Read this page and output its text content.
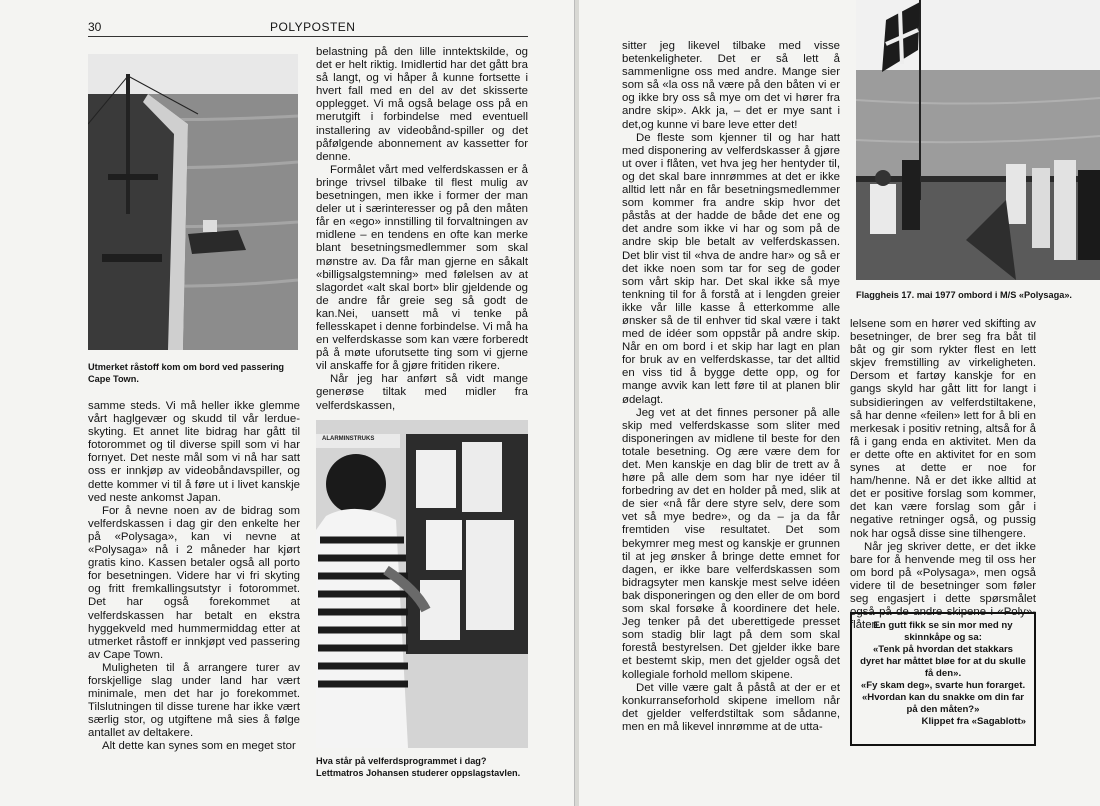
30	POLYPOSTEN
Utmerket råstoff kom om bord ved passering Cape Town.

samme steds. Vi må heller ikke glemme vårt haglgevær og skudd til vår lerdue-skyting. Et annet lite bidrag har gått til fotorommet og til diverse spill som vi har fornyet. Det neste mål som vi nå har satt oss er innkjøp av videobåndavspiller, og dette kommer vi til å føre ut i livet kanskje ved neste ankomst Japan.

For å nevne noen av de bidrag som velferdskassen i dag gir den enkelte her på «Polysaga», kan vi nevne at «Polysaga» nå i 2 måneder har kjørt gratis kino. Kassen betaler også all porto for besetningen. Videre har vi fri skyting og fritt fremkallingsutstyr i fotorommet. Det har også forekommet at velferdskassen har betalt en ekstra hyggekveld med hummermiddag etter at utmerket råstoff er innkjøpt ved passering av Cape Town.

Muligheten til å arrangere turer av forskjellige slag under land har vært minimale, men det har jo forekommet. Tilslutningen til disse turene har ikke vært særlig stor, og utgiftene må sies å følge antallet av deltakere.

Alt dette kan synes som en meget stor

belastning på den lille inntektskilde, og det er helt riktig. Imidlertid har det gått bra så langt, og vi håper å kunne fortsette i hvert fall med en del av det skisserte opplegget. Vi må også belage oss på en merutgift i forbindelse med eventuell installering av videobånd-spiller og det påfølgende abonnement av kassetter for denne.

Formålet vårt med velferdskassen er å bringe trivsel tilbake til flest mulig av besetningen, men ikke i former der man deler ut i særinteresser og på den måten får en «ego» innstilling til forvaltningen av midlene – en tendens en ofte kan merke blant besetningsmedlemmer som skal mønstre av. Da får man gjerne en såkalt «billigsalgstemning» med følelsen av at slagordet «alt skal bort» blir gjeldende og de andre får greie seg så godt de kan.Nei, uansett må vi tenke på fellesskapet i denne forbindelse. Vi må ha en velferdskasse som kan være forberedt på å møte uforutsette ting som vi gjerne vil anskaffe for å gjøre fritiden rikere.

Når jeg har anført så vidt mange generøse tiltak med midler fra velferdskassen,

ALARMINSTRUKS
Hva står på velferdsprogrammet i dag? Lettmatros Johansen studerer oppslagstavlen.

sitter jeg likevel tilbake med visse betenkeligheter. Det er så lett å sammenligne oss med andre. Mange sier som så «la oss nå være på den båten vi er og ikke bry oss så mye om det vi hører fra andre skip». Akk ja, – det er mye sant i det,og kunne vi bare leve etter det!

De fleste som kjenner til og har hatt med disponering av velferdskasser å gjøre ut over i flåten, vet hva jeg her hentyder til, og det skal bare innrømmes at det er ikke alltid lett når en får besetningsmedlemmer som kommer fra andre skip hvor det påstås at der hadde de både det ene og det andre som ikke vi har og som på de andre skip ble betalt av velferdskassen. Det blir vist til «hva de andre har» og så er det ikke noen som tar for seg de goder som vårt skip har. Det skal ikke så mye tenkning til for å forstå at i lengden greier ikke vår lille kasse å etterkomme alle ønsker så de til enhver tid skal være i takt med de idéer som oppstår på andre skip. Når en om bord i et skip har lagt en plan for bruk av en velferdskasse, tar det alltid en viss tid å bygge dette opp, og for mange avvik kan lett føre til at planen blir ødelagt.

Jeg vet at det finnes personer på alle skip med velferdskasse som sliter med disponeringen av midlene til beste for den totale besetning. Og ære være dem for det. Men kanskje en dag blir de trett av å høre på alle dem som har nye idéer til forbedring av det en holder på med, slik at de sier «nå får dere styre selv, dere som vet så mye bedre», og da – ja da får fremtiden vise resultatet. Det som bekymrer meg mest og kanskje er grunnen til at jeg ønsker å bringe dette emnet for dagen, er ikke bare velferdskassen som bidragsyter men kanskje mest selve idéen bak disponeringen og den eller de om bord som skal forsøke å koordinere det hele. Jeg tenker på det uberettigede presset som stadig blir lagt på dem som skal forestå bestyrelsen. Det gjelder ikke bare et bestemt skip, men det gjelder også det kollegiale forhold mellom skipene.

Det ville være galt å påstå at der er et konkurranseforhold skipene imellom når det gjelder velferdstiltak som sådanne, men en må likevel innrømme at de utta-

Flaggheis 17. mai 1977 ombord i M/S «Polysaga».

lelsene som en hører ved skifting av besetninger, de brer seg fra båt til båt og gir som rykter flest en lett skjev fremstilling av virkeligheten. Dersom et fartøy kanskje for en gangs skyld har gått litt for langt i subsidieringen av velferdstiltakene, så har denne «feilen» lett for å bli en merkesak i positiv retning, altså for å få i gang enda en aktivitet. Men da er dette ofte en aktivitet for en som synes at dette er noe for ham/henne. Nå er det ikke alltid at det er positive forslag som kommer, det kan være forslag som går i negative retninger også, og pussig nok har også disse sine tilhengere.

Når jeg skriver dette, er det ikke bare for å henvende meg til oss her om bord på «Polysaga», men også videre til de besetninger som føler seg engasjert i dette spørsmålet også på de andre skipene i «Poly»-flåten.

En gutt fikk se sin mor med ny skinnkåpe og sa:
«Tenk på hvordan det stakkars dyret har måttet bløe for at du skulle få den».
«Fy skam deg», svarte hun forarget. «Hvordan kan du snakke om din far på den måten?»
Klippet fra «Sagablott»
